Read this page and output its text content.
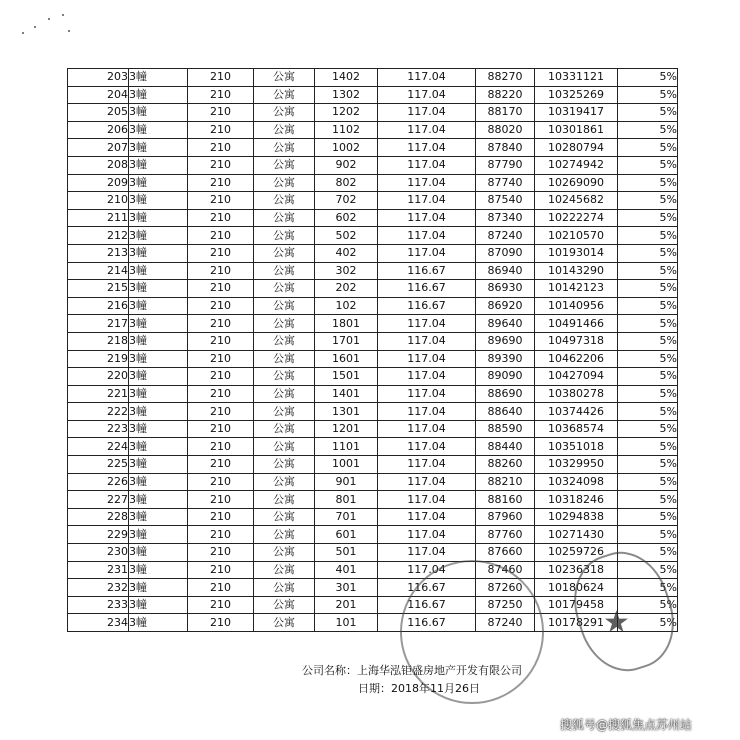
203	3幢	210	公寓	1402	117.04	88270	10331121	5%
204	3幢	210	公寓	1302	117.04	88220	10325269	5%
205	3幢	210	公寓	1202	117.04	88170	10319417	5%
206	3幢	210	公寓	1102	117.04	88020	10301861	5%
207	3幢	210	公寓	1002	117.04	87840	10280794	5%
208	3幢	210	公寓	902	117.04	87790	10274942	5%
209	3幢	210	公寓	802	117.04	87740	10269090	5%
210	3幢	210	公寓	702	117.04	87540	10245682	5%
211	3幢	210	公寓	602	117.04	87340	10222274	5%
212	3幢	210	公寓	502	117.04	87240	10210570	5%
213	3幢	210	公寓	402	117.04	87090	10193014	5%
214	3幢	210	公寓	302	116.67	86940	10143290	5%
215	3幢	210	公寓	202	116.67	86930	10142123	5%
216	3幢	210	公寓	102	116.67	86920	10140956	5%
217	3幢	210	公寓	1801	117.04	89640	10491466	5%
218	3幢	210	公寓	1701	117.04	89690	10497318	5%
219	3幢	210	公寓	1601	117.04	89390	10462206	5%
220	3幢	210	公寓	1501	117.04	89090	10427094	5%
221	3幢	210	公寓	1401	117.04	88690	10380278	5%
222	3幢	210	公寓	1301	117.04	88640	10374426	5%
223	3幢	210	公寓	1201	117.04	88590	10368574	5%
224	3幢	210	公寓	1101	117.04	88440	10351018	5%
225	3幢	210	公寓	1001	117.04	88260	10329950	5%
226	3幢	210	公寓	901	117.04	88210	10324098	5%
227	3幢	210	公寓	801	117.04	88160	10318246	5%
228	3幢	210	公寓	701	117.04	87960	10294838	5%
229	3幢	210	公寓	601	117.04	87760	10271430	5%
230	3幢	210	公寓	501	117.04	87660	10259726	5%
231	3幢	210	公寓	401	117.04	87460	10236318	5%
232	3幢	210	公寓	301	116.67	87260	10180624	5%
233	3幢	210	公寓	201	116.67	87250	10179458	5%
234	3幢	210	公寓	101	116.67	87240	10178291	5%
★
公司名称：上海华泓钜盛房地产开发有限公司
日期：2018年11月26日
搜狐号@搜狐焦点苏州站
